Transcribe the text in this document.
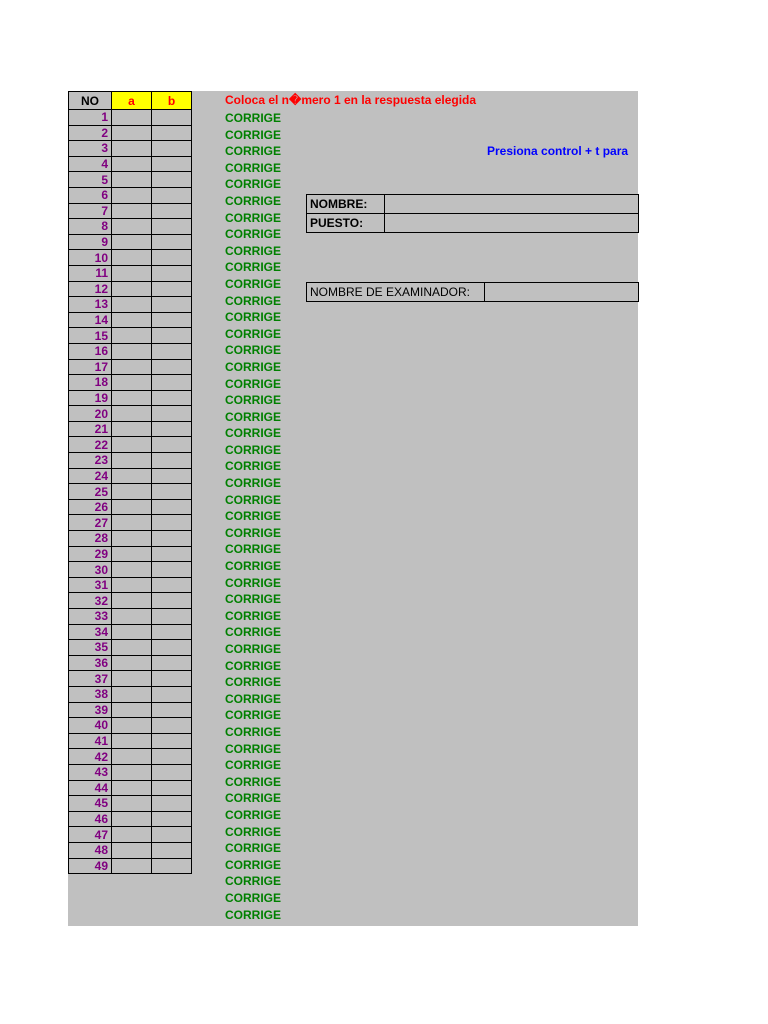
NO	a	b
1		
2		
3		
4		
5		
6		
7		
8		
9		
10		
11		
12		
13		
14		
15		
16		
17		
18		
19		
20		
21		
22		
23		
24		
25		
26		
27		
28		
29		
30		
31		
32		
33		
34		
35		
36		
37		
38		
39		
40		
41		
42		
43		
44		
45		
46		
47		
48		
49		
Coloca el n�mero 1 en la respuesta elegida
CORRIGE
CORRIGE
CORRIGE
CORRIGE
CORRIGE
CORRIGE
CORRIGE
CORRIGE
CORRIGE
CORRIGE
CORRIGE
CORRIGE
CORRIGE
CORRIGE
CORRIGE
CORRIGE
CORRIGE
CORRIGE
CORRIGE
CORRIGE
CORRIGE
CORRIGE
CORRIGE
CORRIGE
CORRIGE
CORRIGE
CORRIGE
CORRIGE
CORRIGE
CORRIGE
CORRIGE
CORRIGE
CORRIGE
CORRIGE
CORRIGE
CORRIGE
CORRIGE
CORRIGE
CORRIGE
CORRIGE
CORRIGE
CORRIGE
CORRIGE
CORRIGE
CORRIGE
CORRIGE
CORRIGE
CORRIGE
CORRIGE
Presiona control + t para
NOMBRE:	
PUESTO:	
NOMBRE DE EXAMINADOR:	
